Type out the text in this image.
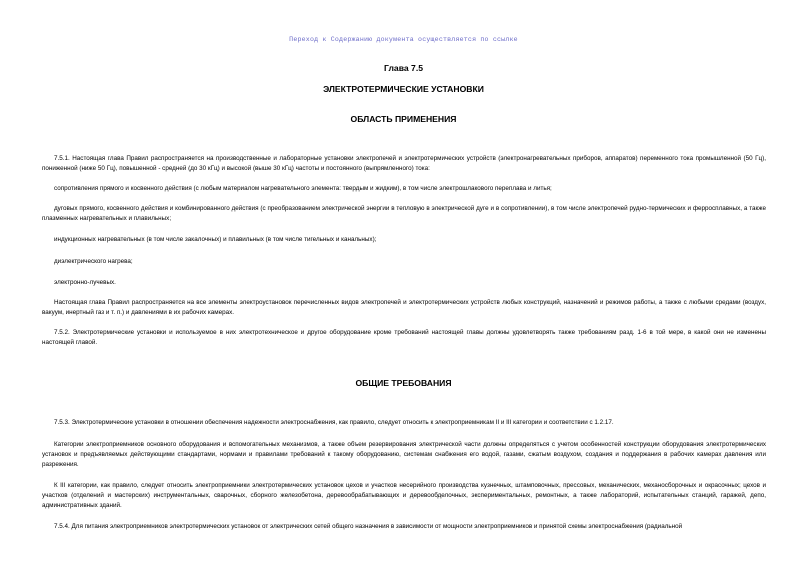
Переход к Содержанию документа осуществляется по ссылке
Глава 7.5
ЭЛЕКТРОТЕРМИЧЕСКИЕ УСТАНОВКИ
ОБЛАСТЬ ПРИМЕНЕНИЯ
7.5.1. Настоящая глава Правил распространяется на производственные и лабораторные установки электропечей и электротермических устройств (электронагревательных приборов, аппаратов) переменного тока промышленной (50 Гц), пониженной (ниже 50 Гц), повышенной - средней (до 30 кГц) и высокой (выше 30 кГц) частоты и постоянного (выпрямленного) тока:
сопротивления прямого и косвенного действия (с любым материалом нагревательного элемента: твердым и жидким), в том числе электрошлакового переплава и литья;
дуговых прямого, косвенного действия и комбинированного действия (с преобразованием электрической энергии в тепловую в электрической дуге и в сопротивлении), в том числе электропечей рудно-термических и ферросплавных, а также плазменных нагревательных и плавильных;
индукционных нагревательных (в том числе закалочных) и плавильных (в том числе тигельных и канальных);
диэлектрического нагрева;
электронно-лучевых.
Настоящая глава Правил распространяется на все элементы электроустановок перечисленных видов электропечей и электротермических устройств любых конструкций, назначений и режимов работы, а также с любыми средами (воздух, вакуум, инертный газ и т. п.) и давлениями в их рабочих камерах.
7.5.2. Электротермические установки и используемое в них электротехническое и другое оборудование кроме требований настоящей главы должны удовлетворять также требованиям разд. 1-6 в той мере, в какой они не изменены настоящей главой.
ОБЩИЕ ТРЕБОВАНИЯ
7.5.3. Электротермические установки в отношении обеспечения надежности электроснабжения, как правило, следует относить к электроприемникам II и III категории и соответствии с 1.2.17.
Категории электроприемников основного оборудования и вспомогательных механизмов, а также объем резервирования электрической части должны определяться с учетом особенностей конструкции оборудования электротермических установок и предъявляемых действующими стандартами, нормами и правилами требований к такому оборудованию, системам снабжения его водой, газами, сжатым воздухом, создания и поддержания в рабочих камерах давления или разрежения.
К III категории, как правило, следует относить электроприемники электротермических установок цехов и участков несерийного производства кузнечных, штамповочных, прессовых, механических, механосборочных и окрасочных; цехов и участков (отделений и мастерских) инструментальных, сварочных, сборного железобетона, деревообрабатывающих и деревообделочных, экспериментальных, ремонтных, а также лабораторий, испытательных станций, гаражей, депо, административных зданий.
7.5.4. Для питания электроприемников электротермических установок от электрических сетей общего назначения в зависимости от мощности электроприемников и принятой схемы электроснабжения (радиальной
